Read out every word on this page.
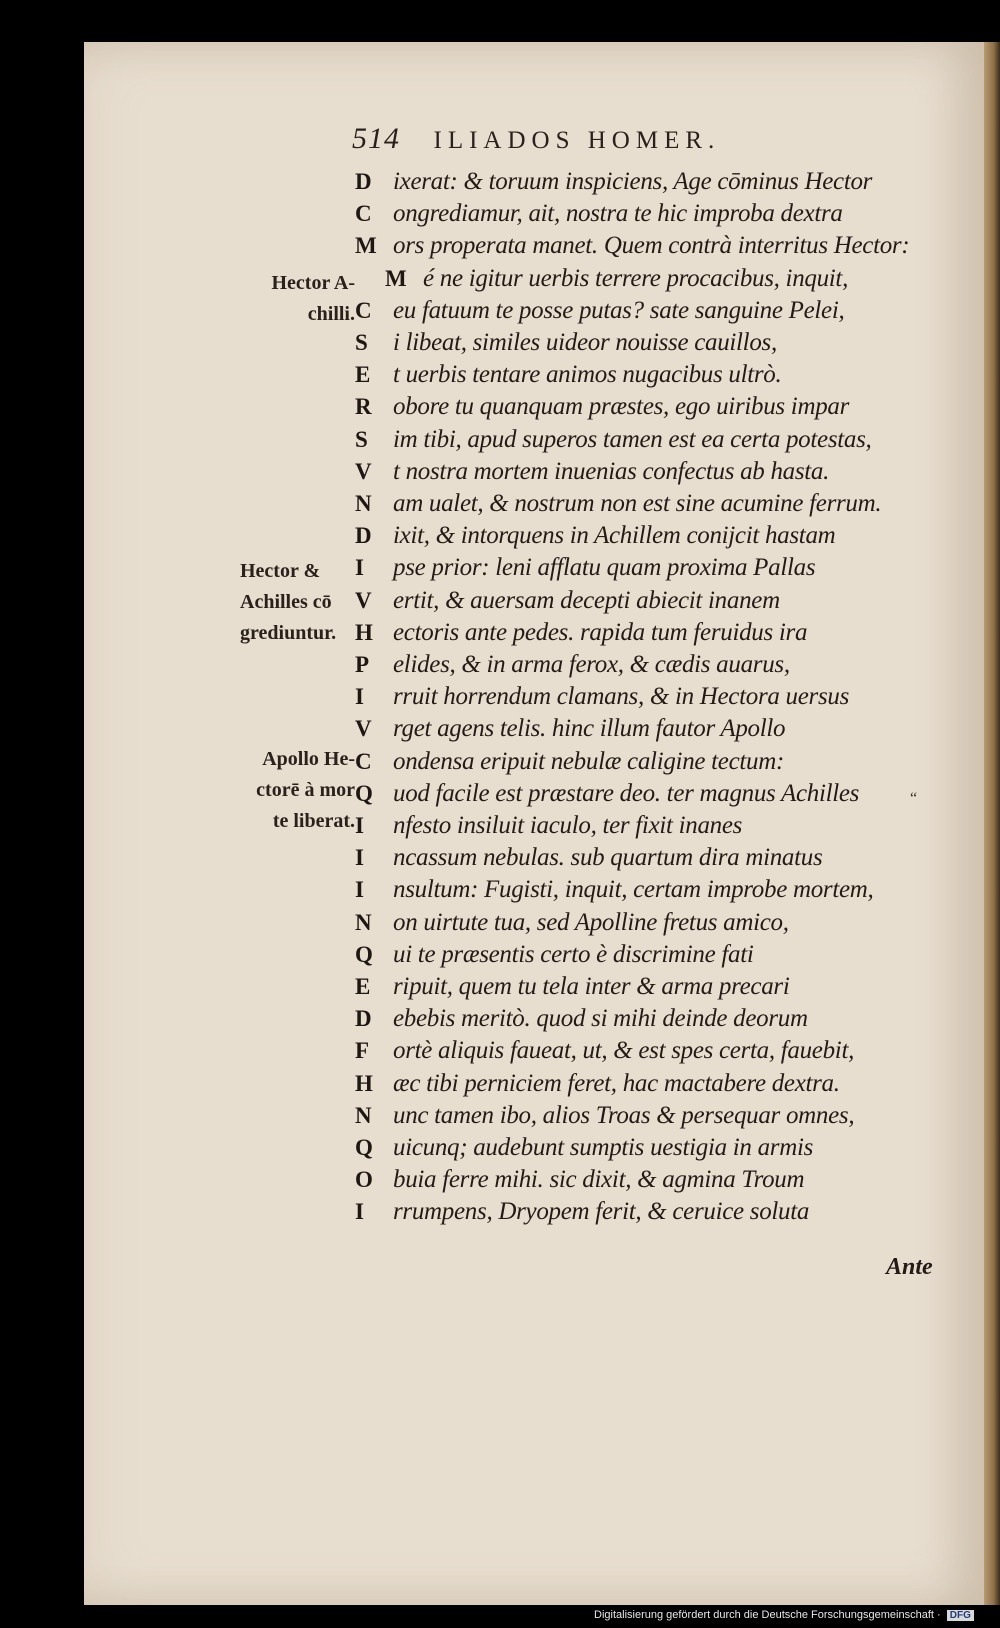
514 ILIADOS HOMER.
D ixerat: & toruum inspiciens, Age cōminus Hector
C ongrediamur, ait, nostra te hic improba dextra
M ors properata manet. Quem contrà interritus Hector:
M é ne igitur uerbis terrere procacibus, inquit,
C eu fatuum te posse putas? sate sanguine Pelei,
S i libeat, similes uideor nouisse cauillos,
E t uerbis tentare animos nugacibus ultrò.
R obore tu quanquam præstes, ego uiribus impar
S im tibi, apud superos tamen est ea certa potestas,
V t nostra mortem inuenias confectus ab hasta.
N am ualet, & nostrum non est sine acumine ferrum.
D ixit, & intorquens in Achillem conijcit hastam
I pse prior: leni afflatu quam proxima Pallas
V ertit, & auersam decepti abiecit inanem
H ectoris ante pedes. rapida tum feruidus ira
P elides, & in arma ferox, & cædis auarus,
I rruit horrendum clamans, & in Hectora uersus
V rget agens telis. hinc illum fautor Apollo
C ondensa eripuit nebulæ caligine tectum:
Q uod facile est præstare deo. ter magnus Achilles
I nfesto insiluit iaculo, ter fixit inanes
I ncassum nebulas. sub quartum dira minatus
I nsultum: Fugisti, inquit, certam improbe mortem,
N on uirtute tua, sed Apolline fretus amico,
Q ui te præsentis certo è discrimine fati
E ripuit, quem tu tela inter & arma precari
D ebebis meritò. quod si mihi deinde deorum
F ortè aliquis faueat, ut, & est spes certa, fauebit,
H æc tibi perniciem feret, hac mactabere dextra.
N unc tamen ibo, alios Troas & persequar omnes,
Q uicunq; audebunt sumptis uestigia in armis
O buia ferre mihi. sic dixit, & agmina Troum
I rrumpens, Dryopem ferit, & ceruice soluta
Hector A-
chilli.
Hector &
Achilles cō
grediuntur.
Apollo He-
ctorē à mor
te liberat.
“
Ante
Digitalisierung gefördert durch die Deutsche Forschungsgemeinschaft · DFG
